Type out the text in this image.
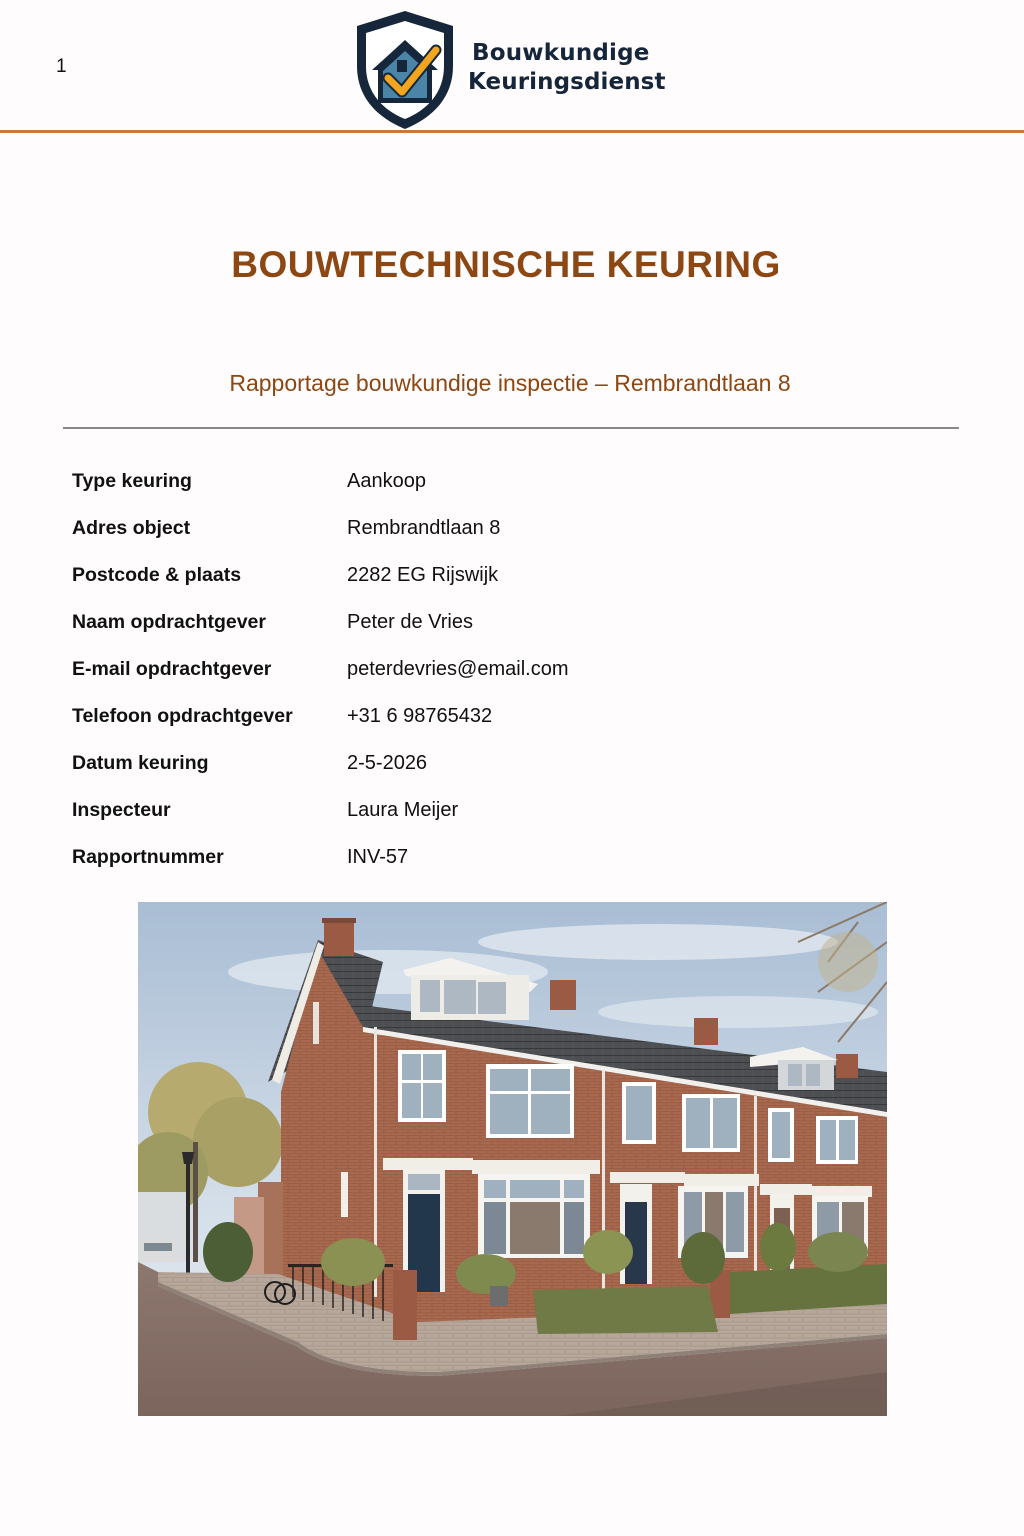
1
Bouwkundige
Keuringsdienst
BOUWTECHNISCHE KEURING
Rapportage bouwkundige inspectie – Rembrandtlaan 8
Type keuring	Aankoop
Adres object	Rembrandtlaan 8
Postcode & plaats	2282 EG Rijswijk
Naam opdrachtgever	Peter de Vries
E-mail opdrachtgever	peterdevries@email.com
Telefoon opdrachtgever	+31 6 98765432
Datum keuring	2-5-2026
Inspecteur	Laura Meijer
Rapportnummer	INV-57
